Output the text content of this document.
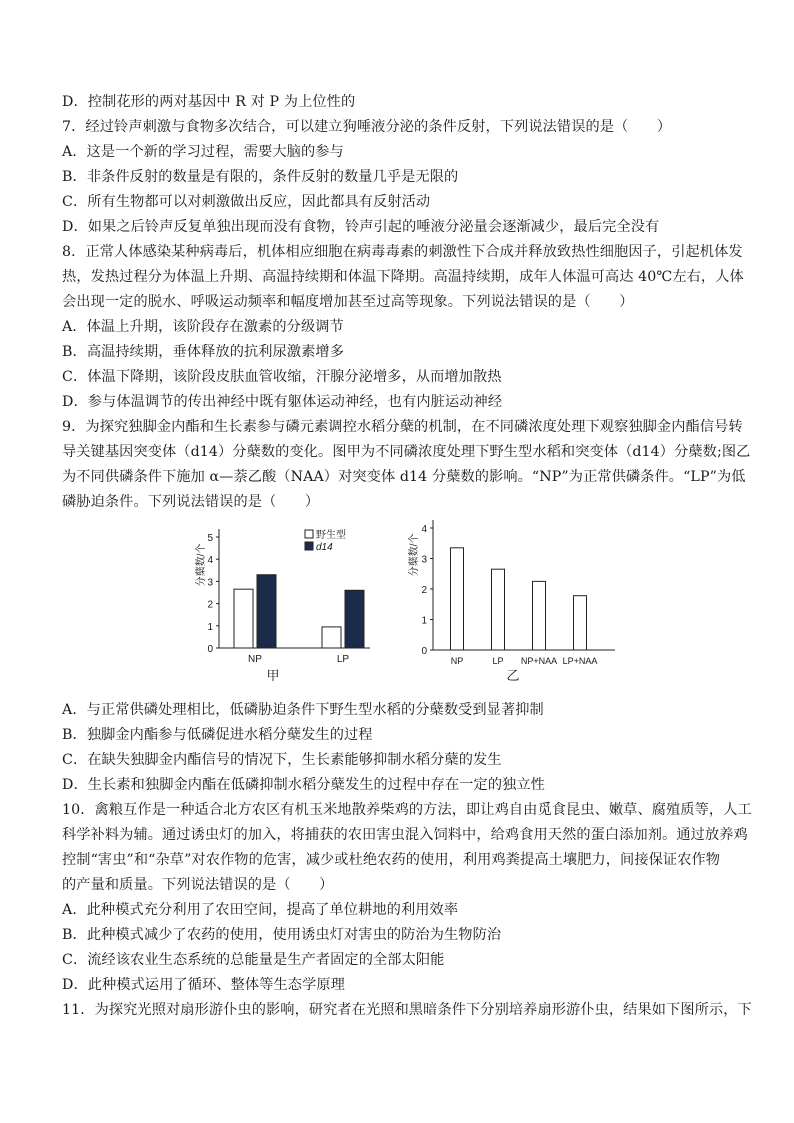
D．控制花形的两对基因中 R 对 P 为上位性的
7．经过铃声刺激与食物多次结合，可以建立狗唾液分泌的条件反射，下列说法错误的是（　　）
A．这是一个新的学习过程，需要大脑的参与
B．非条件反射的数量是有限的，条件反射的数量几乎是无限的
C．所有生物都可以对刺激做出反应，因此都具有反射活动
D．如果之后铃声反复单独出现而没有食物，铃声引起的唾液分泌量会逐渐减少，最后完全没有
8．正常人体感染某种病毒后，机体相应细胞在病毒毒素的刺激性下合成并释放致热性细胞因子，引起机体发
热，发热过程分为体温上升期、高温持续期和体温下降期。高温持续期，成年人体温可高达 40℃左右，人体
会出现一定的脱水、呼吸运动频率和幅度增加甚至过高等现象。下列说法错误的是（　　）
A．体温上升期，该阶段存在激素的分级调节
B．高温持续期，垂体释放的抗利尿激素增多
C．体温下降期，该阶段皮肤血管收缩，汗腺分泌增多，从而增加散热
D．参与体温调节的传出神经中既有躯体运动神经，也有内脏运动神经
9．为探究独脚金内酯和生长素参与磷元素调控水稻分蘖的机制，在不同磷浓度处理下观察独脚金内酯信号转
导关键基因突变体（d14）分蘖数的变化。图甲为不同磷浓度处理下野生型水稻和突变体（d14）分蘖数;图乙
为不同供磷条件下施加 α—萘乙酸（NAA）对突变体 d14 分蘖数的影响。“NP”为正常供磷条件。“LP”为低
磷胁迫条件。下列说法错误的是（　　）
A．与正常供磷处理相比，低磷胁迫条件下野生型水稻的分蘖数受到显著抑制
B．独脚金内酯参与低磷促进水稻分蘖发生的过程
C．在缺失独脚金内酯信号的情况下，生长素能够抑制水稻分蘖的发生
D．生长素和独脚金内酯在低磷抑制水稻分蘖发生的过程中存在一定的独立性
10．禽粮互作是一种适合北方农区有机玉米地散养柴鸡的方法，即让鸡自由觅食昆虫、嫩草、腐殖质等，人工
科学补料为辅。通过诱虫灯的加入，将捕获的农田害虫混入饲料中，给鸡食用天然的蛋白添加剂。通过放养鸡
控制“害虫”和“杂草”对农作物的危害，减少或杜绝农药的使用，利用鸡粪提高土壤肥力，间接保证农作物
的产量和质量。下列说法错误的是（　　）
A．此种模式充分利用了农田空间，提高了单位耕地的利用效率
B．此种模式减少了农药的使用，使用诱虫灯对害虫的防治为生物防治
C．流经该农业生态系统的总能量是生产者固定的全部太阳能
D．此种模式运用了循环、整体等生态学原理
11．为探究光照对扇形游仆虫的影响，研究者在光照和黑暗条件下分别培养扇形游仆虫，结果如下图所示，下
0
1
2
3
4
5
分蘖数/个
NP	LP
甲
野生型
d14
0
1
2
3
4
分蘖数/个
NP	LP NP+NAA LP+NAA
乙
